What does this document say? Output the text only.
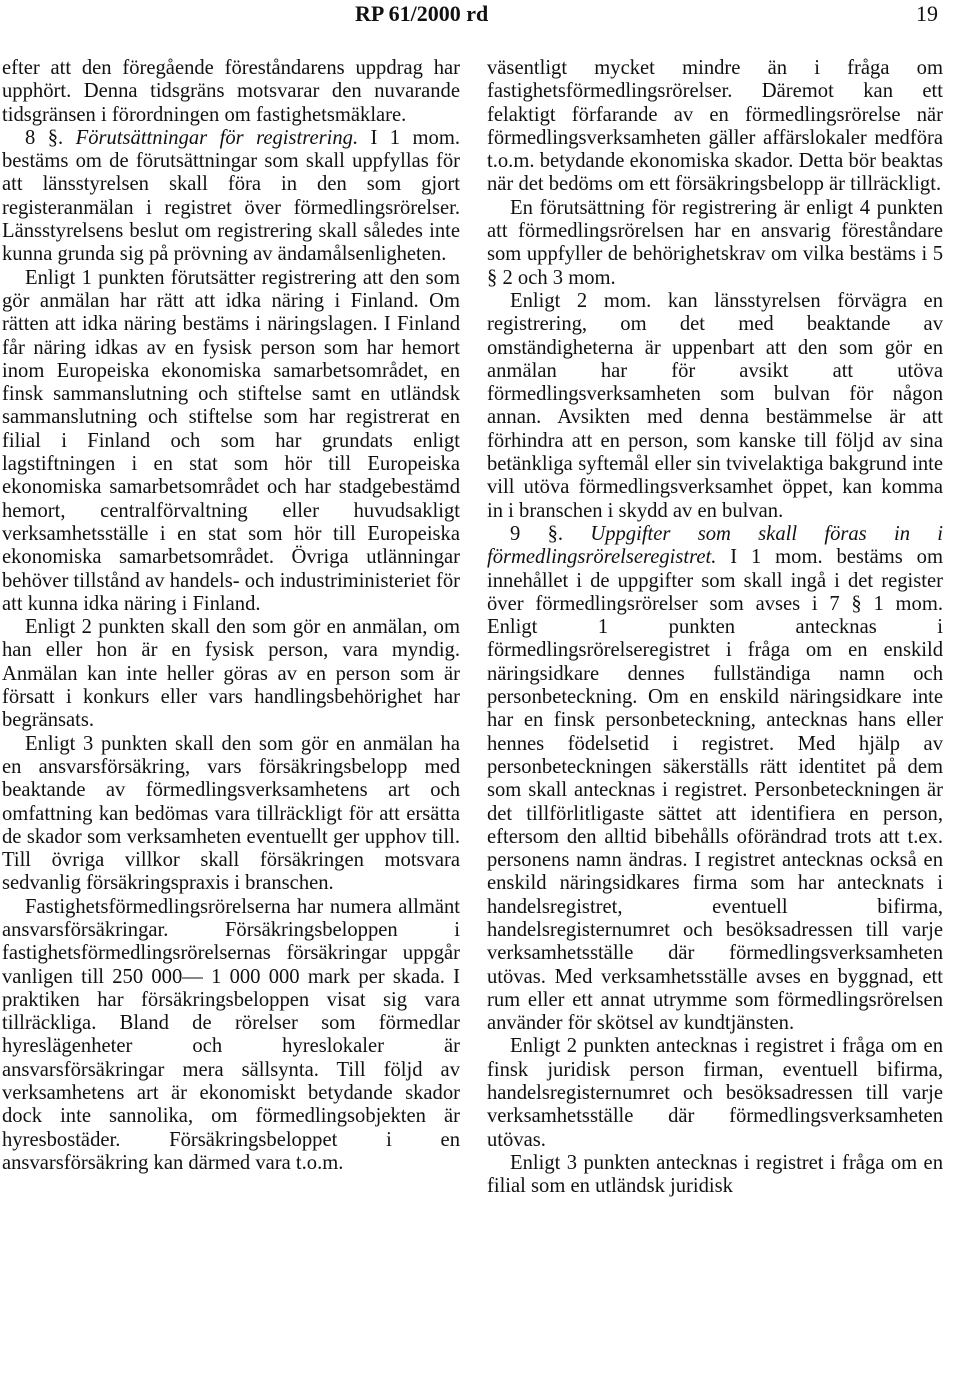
RP 61/2000 rd	19

efter att den föregående föreståndarens uppdrag har upphört. Denna tidsgräns motsvarar den nuvarande tidsgränsen i förordningen om fastighetsmäklare.

8 §. Förutsättningar för registrering. I 1 mom. bestäms om de förutsättningar som skall uppfyllas för att länsstyrelsen skall föra in den som gjort registeranmälan i registret över förmedlingsrörelser. Länsstyrelsens beslut om registrering skall således inte kunna grunda sig på prövning av ändamålsenligheten.

Enligt 1 punkten förutsätter registrering att den som gör anmälan har rätt att idka näring i Finland. Om rätten att idka näring bestäms i näringslagen. I Finland får näring idkas av en fysisk person som har hemort inom Europeiska ekonomiska samarbetsområdet, en finsk sammanslutning och stiftelse samt en utländsk sammanslutning och stiftelse som har registrerat en filial i Finland och som har grundats enligt lagstiftningen i en stat som hör till Europeiska ekonomiska samarbetsområdet och har stadgebestämd hemort, centralförvaltning eller huvudsakligt verksamhetsställe i en stat som hör till Europeiska ekonomiska samarbetsområdet. Övriga utlänningar behöver tillstånd av handels- och industriministeriet för att kunna idka näring i Finland.

Enligt 2 punkten skall den som gör en anmälan, om han eller hon är en fysisk person, vara myndig. Anmälan kan inte heller göras av en person som är försatt i konkurs eller vars handlingsbehörighet har begränsats.

Enligt 3 punkten skall den som gör en anmälan ha en ansvarsförsäkring, vars försäkringsbelopp med beaktande av förmedlingsverksamhetens art och omfattning kan bedömas vara tillräckligt för att ersätta de skador som verksamheten eventuellt ger upphov till. Till övriga villkor skall försäkringen motsvara sedvanlig försäkringspraxis i branschen.

Fastighetsförmedlingsrörelserna har numera allmänt ansvarsförsäkringar. Försäkringsbeloppen i fastighetsförmedlingsrörelsernas försäkringar uppgår vanligen till 250 000— 1 000 000 mark per skada. I praktiken har försäkringsbeloppen visat sig vara tillräckliga. Bland de rörelser som förmedlar hyreslägenheter och hyreslokaler är ansvarsförsäkringar mera sällsynta. Till följd av verksamhetens art är ekonomiskt betydande skador dock inte sannolika, om förmedlingsobjekten är hyresbostäder. Försäkringsbeloppet i en ansvarsförsäkring kan därmed vara t.o.m.

väsentligt mycket mindre än i fråga om fastighetsförmedlingsrörelser. Däremot kan ett felaktigt förfarande av en förmedlingsrörelse när förmedlingsverksamheten gäller affärslokaler medföra t.o.m. betydande ekonomiska skador. Detta bör beaktas när det bedöms om ett försäkringsbelopp är tillräckligt.

En förutsättning för registrering är enligt 4 punkten att förmedlingsrörelsen har en ansvarig föreståndare som uppfyller de behörighetskrav om vilka bestäms i 5 § 2 och 3 mom.

Enligt 2 mom. kan länsstyrelsen förvägra en registrering, om det med beaktande av omständigheterna är uppenbart att den som gör en anmälan har för avsikt att utöva förmedlingsverksamheten som bulvan för någon annan. Avsikten med denna bestämmelse är att förhindra att en person, som kanske till följd av sina betänkliga syftemål eller sin tvivelaktiga bakgrund inte vill utöva förmedlingsverksamhet öppet, kan komma in i branschen i skydd av en bulvan.

9 §. Uppgifter som skall föras in i förmedlingsrörelseregistret. I 1 mom. bestäms om innehållet i de uppgifter som skall ingå i det register över förmedlingsrörelser som avses i 7 § 1 mom. Enligt 1 punkten antecknas i förmedlingsrörelseregistret i fråga om en enskild näringsidkare dennes fullständiga namn och personbeteckning. Om en enskild näringsidkare inte har en finsk personbeteckning, antecknas hans eller hennes födelsetid i registret. Med hjälp av personbeteckningen säkerställs rätt identitet på dem som skall antecknas i registret. Personbeteckningen är det tillförlitligaste sättet att identifiera en person, eftersom den alltid bibehålls oförändrad trots att t.ex. personens namn ändras. I registret antecknas också en enskild näringsidkares firma som har antecknats i handelsregistret, eventuell bifirma, handelsregisternumret och besöksadressen till varje verksamhetsställe där förmedlingsverksamheten utövas. Med verksamhetsställe avses en byggnad, ett rum eller ett annat utrymme som förmedlingsrörelsen använder för skötsel av kundtjänsten.

Enligt 2 punkten antecknas i registret i fråga om en finsk juridisk person firman, eventuell bifirma, handelsregisternumret och besöksadressen till varje verksamhetsställe där förmedlingsverksamheten utövas.

Enligt 3 punkten antecknas i registret i fråga om en filial som en utländsk juridisk
